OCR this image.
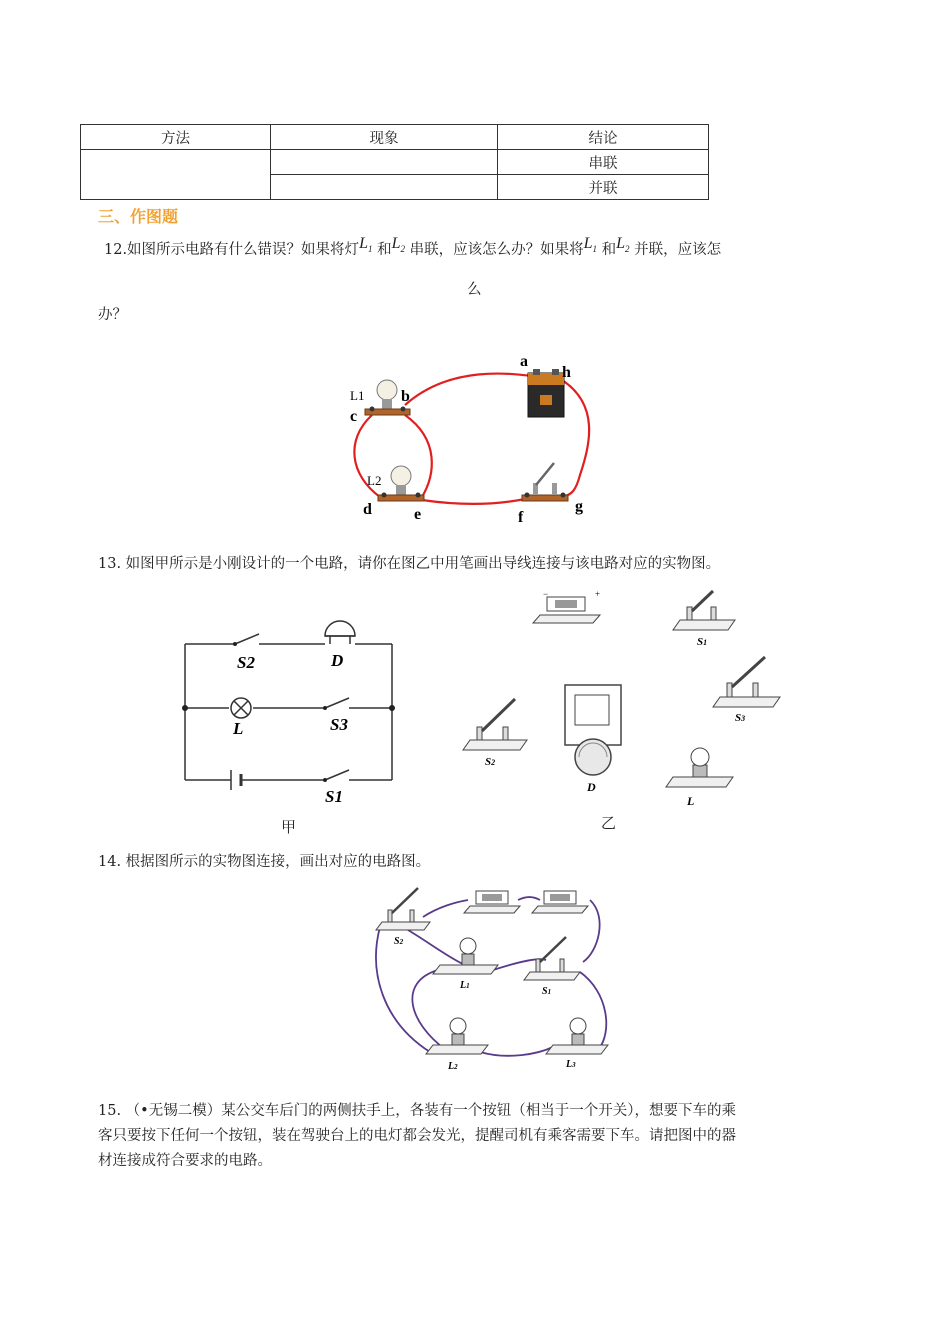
方法	现象	结论
		串联
		并联
三、作图题
12.如图所示电路有什么错误？如果将灯$L_1$ 和$L_2$ 串联，应该怎么办？如果将$L_1$ 和$L_2$ 并联，应该怎
么
办？
a
h
b
c
L1
L2
d	e	f
g
13. 如图甲所示是小刚设计的一个电路，请你在图乙中用笔画出导线连接与该电路对应的实物图。
S2	D
L	S3
S1
甲
−	+
S1
S3
S2
D
L
乙
14. 根据图所示的实物图连接，画出对应的电路图。
S2
L1	S1
L2	L3
15. （•无锡二模）某公交车后门的两侧扶手上，各装有一个按钮（相当于一个开关），想要下车的乘
客只要按下任何一个按钮，装在驾驶台上的电灯都会发光，提醒司机有乘客需要下车。请把图中的器
材连接成符合要求的电路。
